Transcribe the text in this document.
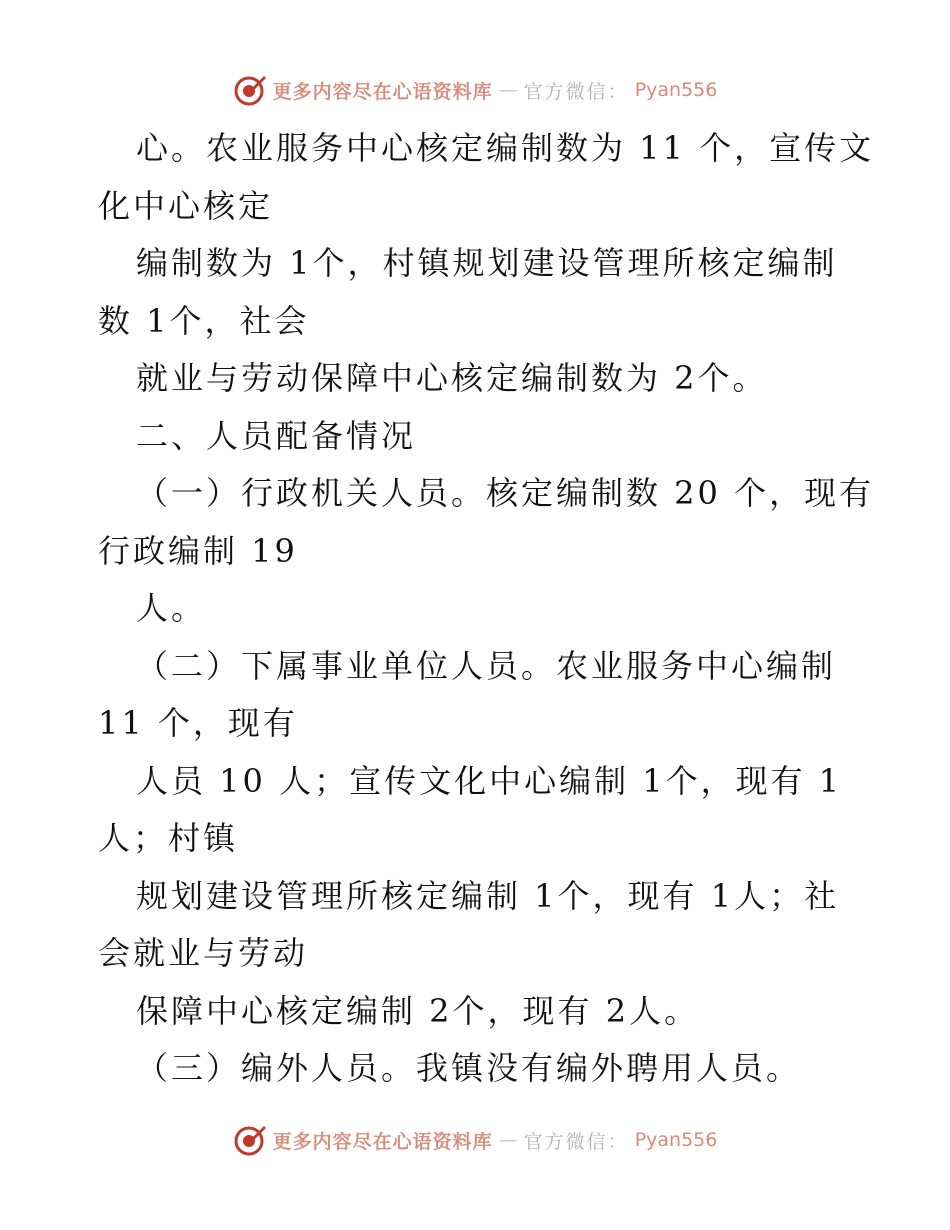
更多内容尽在心语资料库 — 官方微信： Pyan556
心。农业服务中心核定编制数为 11 个，宣传文
化中心核定
编制数为 1个，村镇规划建设管理所核定编制
数 1个，社会
就业与劳动保障中心核定编制数为 2个。
二、人员配备情况
（一）行政机关人员。核定编制数 20 个，现有
行政编制 19
人。
（二）下属事业单位人员。农业服务中心编制
11 个，现有
人员 10 人；宣传文化中心编制 1个，现有 1
人；村镇
规划建设管理所核定编制 1个，现有 1人；社
会就业与劳动
保障中心核定编制 2个，现有 2人。
（三）编外人员。我镇没有编外聘用人员。
更多内容尽在心语资料库 — 官方微信： Pyan556
